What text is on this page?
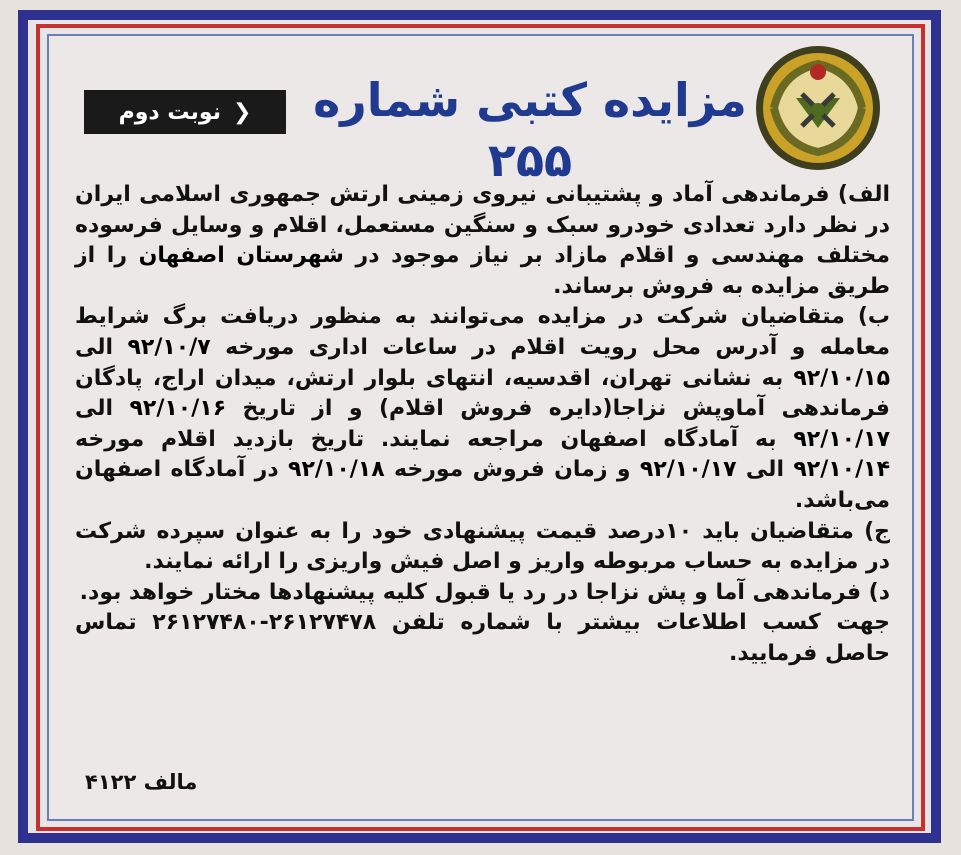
مزایده کتبی شماره ۲۵۵
❮
نوبت دوم

الف) فرماندهی آماد و پشتیبانی نیروی زمینی ارتش جمهوری اسلامی ایران در نظر دارد تعدادی خودرو سبک و سنگین مستعمل، اقلام و وسایل فرسوده مختلف مهندسی و اقلام مازاد بر نیاز موجود در شهرستان اصفهان را از طریق مزایده به فروش برساند.

ب) متقاضیان شرکت در مزایده می‌توانند به منظور دریافت برگ شرایط معامله و آدرس محل رویت اقلام در ساعات اداری مورخه ۹۲/۱۰/۷ الی ۹۲/۱۰/۱۵ به نشانی تهران، اقدسیه، انتهای بلوار ارتش، میدان اراج، پادگان فرماندهی آماوپش نزاجا(دایره فروش اقلام) و از تاریخ ۹۲/۱۰/۱۶ الی ۹۲/۱۰/۱۷ به آمادگاه اصفهان مراجعه نمایند. تاریخ بازدید اقلام مورخه ۹۲/۱۰/۱۴ الی ۹۲/۱۰/۱۷ و زمان فروش مورخه ۹۲/۱۰/۱۸ در آمادگاه اصفهان می‌باشد.

ج) متقاضیان باید ۱۰درصد قیمت پیشنهادی خود را به عنوان سپرده شرکت در مزایده به حساب مربوطه واریز و اصل فیش واریزی را ارائه نمایند.

د) فرماندهی آما و پش نزاجا در رد یا قبول کلیه پیشنهادها مختار خواهد بود.

جهت کسب اطلاعات بیشتر با شماره تلفن ۲۶۱۲۷۴۷۸-۲۶۱۲۷۴۸۰ تماس حاصل فرمایید.

مالف ۴۱۲۲
